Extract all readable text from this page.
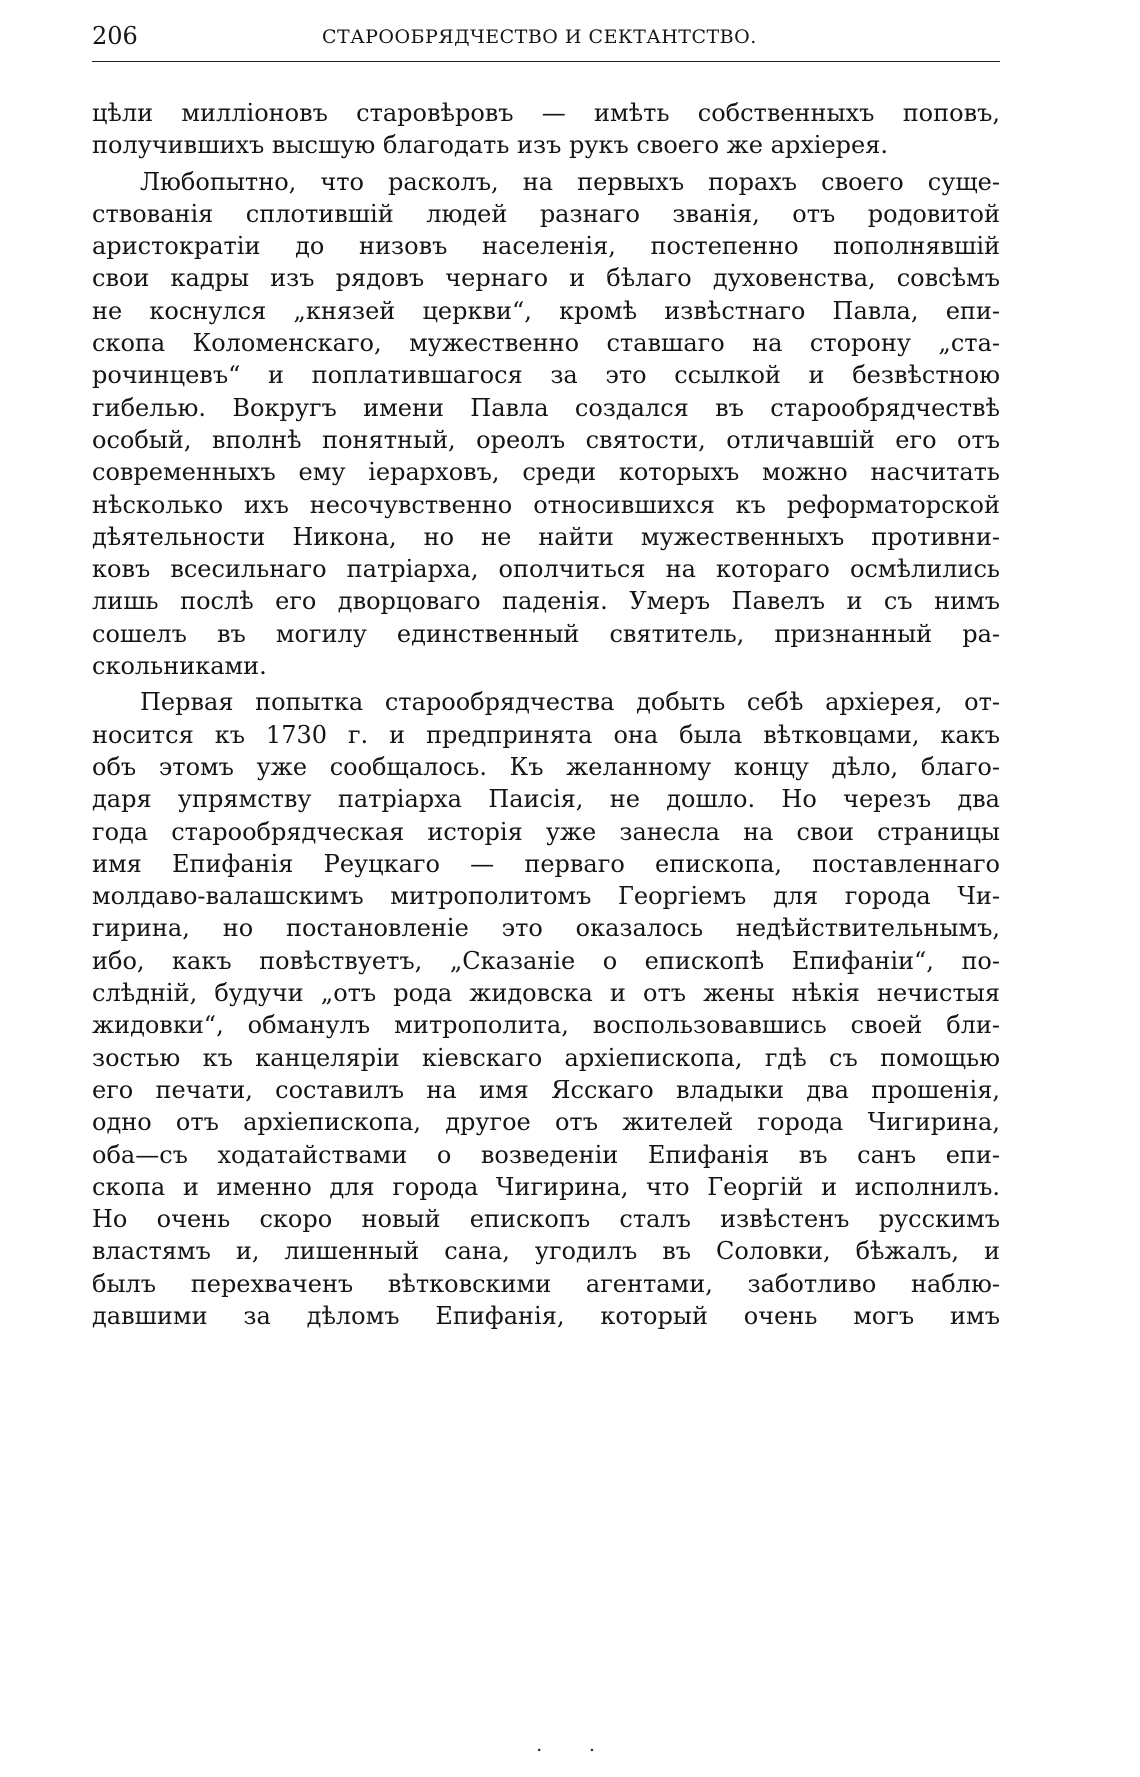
206	СТАРООБРЯДЧЕСТВО И СЕКТАНТСТВО.
цѣли милліоновъ старовѣровъ — имѣть собственныхъ поповъ,
получившихъ высшую благодать изъ рукъ своего же архіерея.
Любопытно, что расколъ, на первыхъ порахъ своего суще-
ствованія сплотившій людей разнаго званія, отъ родовитой
аристократіи до низовъ населенія, постепенно пополнявшій
свои кадры изъ рядовъ чернаго и бѣлаго духовенства, совсѣмъ
не коснулся „князей церкви“, кромѣ извѣстнаго Павла, епи-
скопа Коломенскаго, мужественно ставшаго на сторону „ста-
рочинцевъ“ и поплатившагося за это ссылкой и безвѣстною
гибелью. Вокругъ имени Павла создался въ старообрядчествѣ
особый, вполнѣ понятный, ореолъ святости, отличавшій его отъ
современныхъ ему іерарховъ, среди которыхъ можно насчитать
нѣсколько ихъ несочувственно относившихся къ реформаторской
дѣятельности Никона, но не найти мужественныхъ противни-
ковъ всесильнаго патріарха, ополчиться на котораго осмѣлились
лишь послѣ его дворцоваго паденія. Умеръ Павелъ и съ нимъ
сошелъ въ могилу единственный святитель, признанный ра-
скольниками.
Первая попытка старообрядчества добыть себѣ архіерея, от-
носится къ 1730 г. и предпринята она была вѣтковцами, какъ
объ этомъ уже сообщалось. Къ желанному концу дѣло, благо-
даря упрямству патріарха Паисія, не дошло. Но черезъ два
года старообрядческая исторія уже занесла на свои страницы
имя Епифанія Реуцкаго — перваго епископа, поставленнаго
молдаво-валашскимъ митрополитомъ Георгіемъ для города Чи-
гирина, но постановленіе это оказалось недѣйствительнымъ,
ибо, какъ повѣствуетъ, „Сказаніе о епископѣ Епифаніи“, по-
слѣдній, будучи „отъ рода жидовска и отъ жены нѣкія нечистыя
жидовки“, обманулъ митрополита, воспользовавшись своей бли-
зостью къ канцеляріи кіевскаго архіепископа, гдѣ съ помощью
его печати, составилъ на имя Ясскаго владыки два прошенія,
одно отъ архіепископа, другое отъ жителей города Чигирина,
оба—съ ходатайствами о возведеніи Епифанія въ санъ епи-
скопа и именно для города Чигирина, что Георгій и исполнилъ.
Но очень скоро новый епископъ сталъ извѣстенъ русскимъ
властямъ и, лишенный сана, угодилъ въ Соловки, бѣжалъ, и
былъ перехваченъ вѣтковскими агентами, заботливо наблю-
давшими за дѣломъ Епифанія, который очень могъ имъ
. .
